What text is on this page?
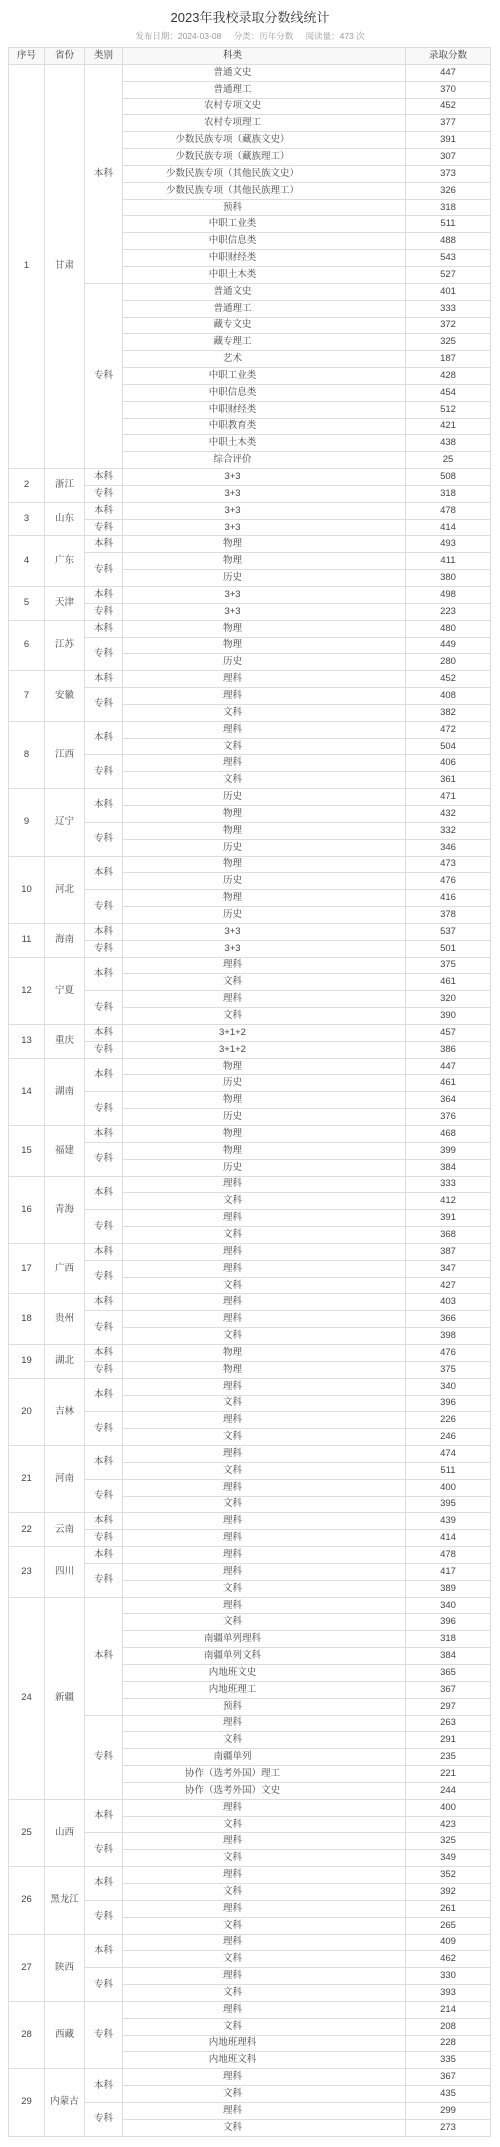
2023年我校录取分数线统计
发布日期：2024-03-08 分类：历年分数 阅读量：473 次
序号	省份	类别	科类	录取分数
1	甘肃
本科
普通文史	447
普通理工	370
农村专项文史	452
农村专项理工	377
少数民族专项（藏族文史）	391
少数民族专项（藏族理工）	307
少数民族专项（其他民族文史）	373
少数民族专项（其他民族理工）	326
预科	318
中职工业类	511
中职信息类	488
中职财经类	543
中职土木类	527
专科
普通文史	401
普通理工	333
藏专文史	372
藏专理工	325
艺术	187
中职工业类	428
中职信息类	454
中职财经类	512
中职教育类	421
中职土木类	438
综合评价	25
2	浙江
本科	3+3	508
专科	3+3	318
3	山东
本科	3+3	478
专科	3+3	414
4	广东
本科	物理	493
专科
物理	411
历史	380
5	天津
本科	3+3	498
专科	3+3	223
6	江苏
本科	物理	480
专科
物理	449
历史	280
7	安徽
本科	理科	452
专科
理科	408
文科	382
8	江西
本科
理科	472
文科	504
专科
理科	406
文科	361
9	辽宁
本科
历史	471
物理	432
专科
物理	332
历史	346
10	河北
本科
物理	473
历史	476
专科
物理	416
历史	378
11	海南
本科	3+3	537
专科	3+3	501
12	宁夏
本科
理科	375
文科	461
专科
理科	320
文科	390
13	重庆
本科	3+1+2	457
专科	3+1+2	386
14	湖南
本科
物理	447
历史	461
专科
物理	364
历史	376
15	福建
本科	物理	468
专科
物理	399
历史	384
16	青海
本科
理科	333
文科	412
专科
理科	391
文科	368
17	广西
本科	理科	387
专科
理科	347
文科	427
18	贵州
本科	理科	403
专科
理科	366
文科	398
19	湖北
本科	物理	476
专科	物理	375
20	吉林
本科
理科	340
文科	396
专科
理科	226
文科	246
21	河南
本科
理科	474
文科	511
专科
理科	400
文科	395
22	云南
本科	理科	439
专科	理科	414
23	四川
本科	理科	478
专科
理科	417
文科	389
24	新疆
本科
理科	340
文科	396
南疆单列理科	318
南疆单列文科	384
内地班文史	365
内地班理工	367
预科	297
专科
理科	263
文科	291
南疆单列	235
协作（选考外国）理工	221
协作（选考外国）文史	244
25	山西
本科
理科	400
文科	423
专科
理科	325
文科	349
26	黑龙江
本科
理科	352
文科	392
专科
理科	261
文科	265
27	陕西
本科
理科	409
文科	462
专科
理科	330
文科	393
28	西藏	专科
理科	214
文科	208
内地班理科	228
内地班文科	335
29	内蒙古
本科
理科	367
文科	435
专科
理科	299
文科	273
